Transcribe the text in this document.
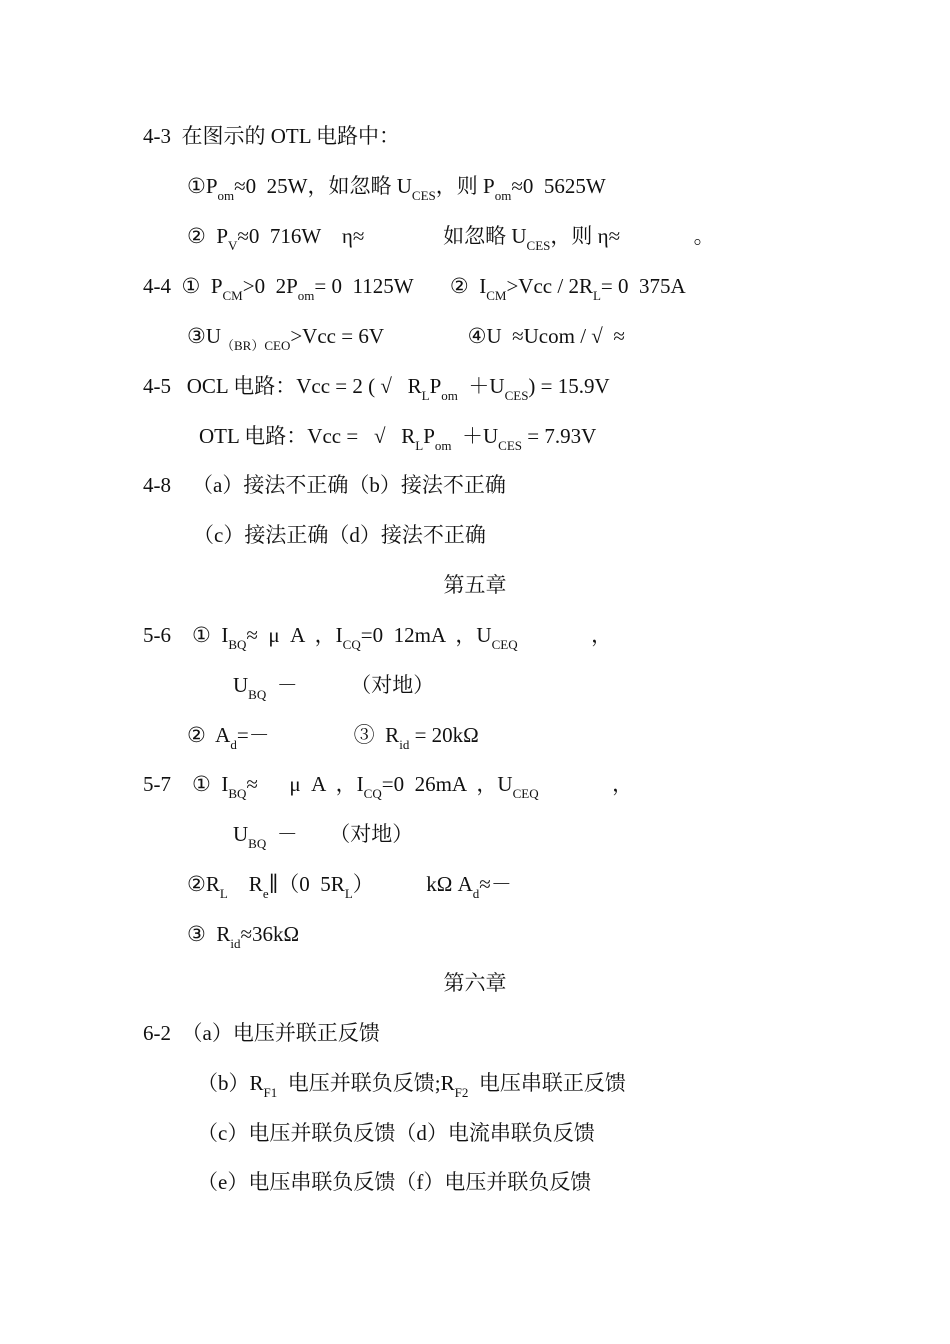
4-3  在图示的 OTL 电路中：
$①P_{om}\approx 0$  25W，如忽略 $U_{CES}$，则 $P_{om}\approx 0$  5625W
②  $P_V\approx 0$  716W    η≈               如忽略 $U_{CES}$，则 η≈              。
4-4  ①  $P_{CM}>0$  $2P_{om}= 0$  1125W       ②  $I_{CM}>Vcc / 2R_L= 0$  375A
$③U_{(BR)CEO}>Vcc = 6V$                ④U  ≈Ucom / √  ≈
4-5   OCL 电路：Vcc = 2 ( √   $R_LP_{om} +U_{CES}) = 15.9V$
OTL 电路：Vcc =   √   $R_LP_{om} +U_{CES} = 7.93V$
4-8    （a）接法不正确（b）接法不正确
（c）接法正确（d）接法不正确
第五章
5-6    ①  $I_{BQ}\approx \mu$  A  ，$I_{CQ}=0$  12mA  ，$U_{CEQ}$              ，
$U_{BQ}$  －          （对地）
②  $A_d=-$                ③  $R_{id} = 20k\Omega$
5-7    ①  $I_{BQ}\approx$      μ  A  ，$I_{CQ}=0$  26mA  ，$U_{CEQ}$              ，
$U_{BQ}$  －      （对地）
$②R_L$    $R_e\parallel(0$  $5R_L$）          kΩ $A_d\approx-$
③  $R_{id}\approx 36k\Omega$
第六章
6-2  （a）电压并联正反馈
$(b)R_{F1}$  电压并联负反馈$;R_{F2}$  电压串联正反馈
（c）电压并联负反馈（d）电流串联负反馈
（e）电压串联负反馈（f）电压并联负反馈
